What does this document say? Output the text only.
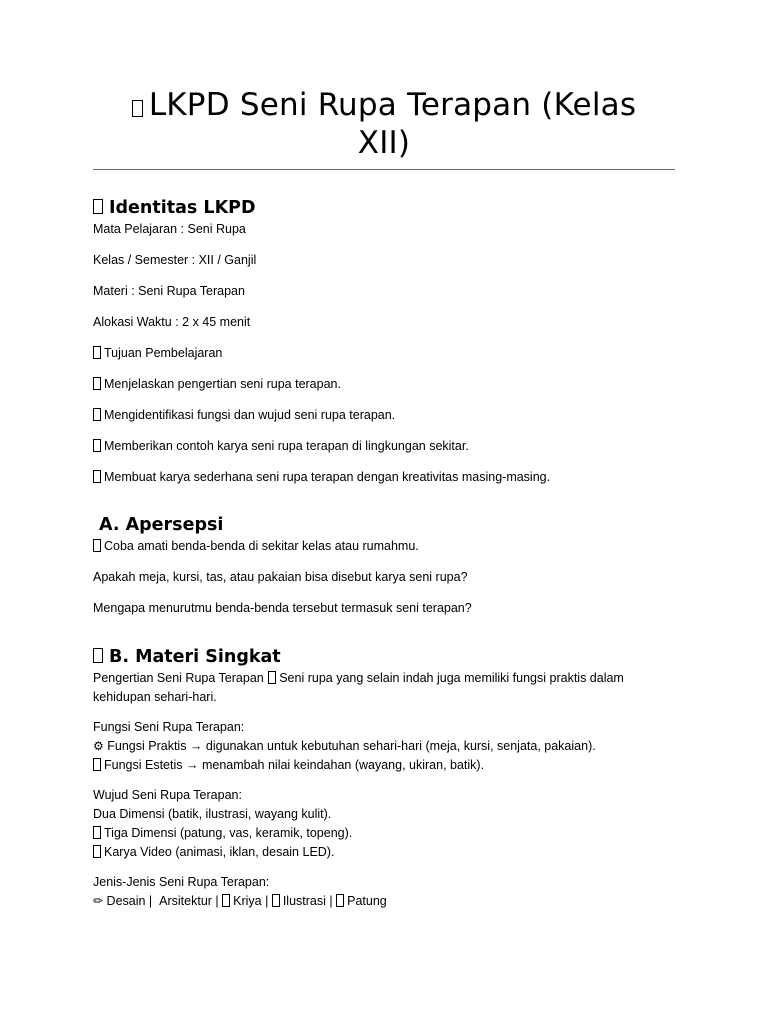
LKPD Seni Rupa Terapan (Kelas
XII)
Identitas LKPD

Mata Pelajaran : Seni Rupa

Kelas / Semester : XII / Ganjil

Materi : Seni Rupa Terapan

Alokasi Waktu : 2 x 45 menit

Tujuan Pembelajaran

Menjelaskan pengertian seni rupa terapan.

Mengidentifikasi fungsi dan wujud seni rupa terapan.

Memberikan contoh karya seni rupa terapan di lingkungan sekitar.

Membuat karya sederhana seni rupa terapan dengan kreativitas masing-masing.

A. Apersepsi

Coba amati benda-benda di sekitar kelas atau rumahmu.

Apakah meja, kursi, tas, atau pakaian bisa disebut karya seni rupa?

Mengapa menurutmu benda-benda tersebut termasuk seni terapan?

B. Materi Singkat

Pengertian Seni Rupa Terapan Seni rupa yang selain indah juga memiliki fungsi praktis dalam
kehidupan sehari-hari.

Fungsi Seni Rupa Terapan:
⚙ Fungsi Praktis → digunakan untuk kebutuhan sehari-hari (meja, kursi, senjata, pakaian).
Fungsi Estetis → menambah nilai keindahan (wayang, ukiran, batik).

Wujud Seni Rupa Terapan:
Dua Dimensi (batik, ilustrasi, wayang kulit).
Tiga Dimensi (patung, vas, keramik, topeng).
Karya Video (animasi, iklan, desain LED).

Jenis-Jenis Seni Rupa Terapan:
✏ Desain | Arsitektur | Kriya | Ilustrasi | Patung
